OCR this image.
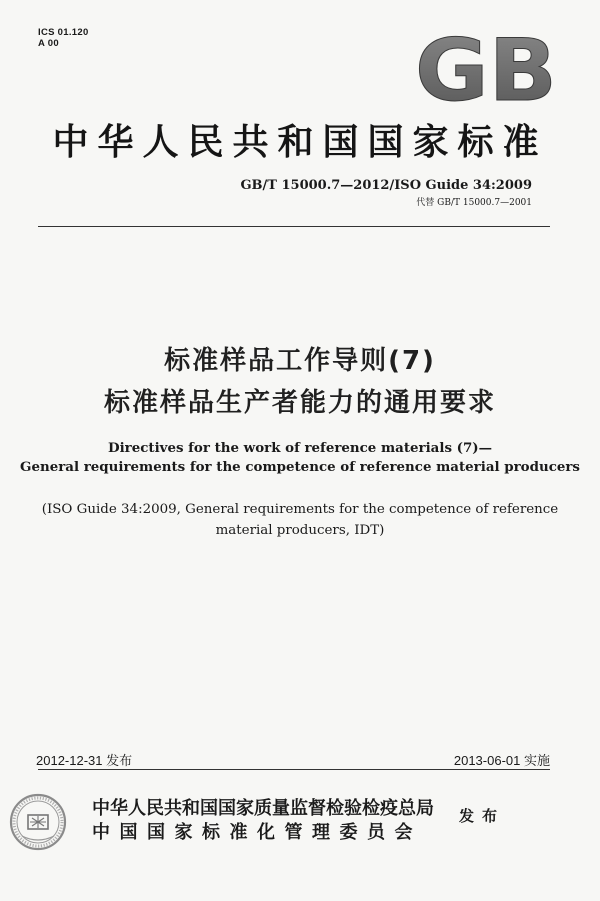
ICS 01.120
A 00	GB
中华人民共和国国家标准
GB/T 15000.7—2012/ISO Guide 34:2009
代替 GB/T 15000.7—2001
标准样品工作导则(7)
标准样品生产者能力的通用要求
Directives for the work of reference materials (7)—
General requirements for the competence of reference material producers
(ISO Guide 34:2009, General requirements for the competence of reference
material producers, IDT)
2012-12-31 发布	2013-06-01 实施
中华人民共和国国家质量监督检验检疫总局
中国国家标准化管理委员会
发布
